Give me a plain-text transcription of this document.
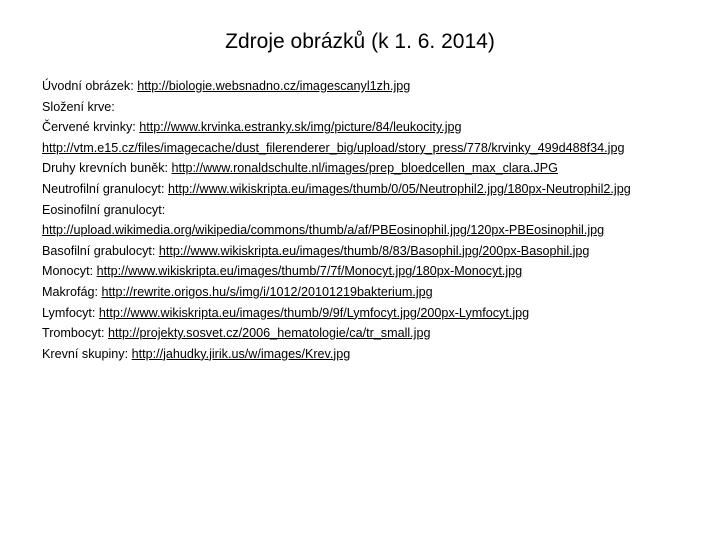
Zdroje obrázků (k 1. 6. 2014)
Úvodní obrázek: http://biologie.websnadno.cz/imagescanyl1zh.jpg
Složení krve:
Červené krvinky: http://www.krvinka.estranky.sk/img/picture/84/leukocity.jpg
http://vtm.e15.cz/files/imagecache/dust_filerenderer_big/upload/story_press/778/krvinky_499d488f34.jpg
Druhy krevních buněk: http://www.ronaldschulte.nl/images/prep_bloedcellen_max_clara.JPG
Neutrofilní granulocyt: http://www.wikiskripta.eu/images/thumb/0/05/Neutrophil2.jpg/180px-Neutrophil2.jpg
Eosinofilní granulocyt:
http://upload.wikimedia.org/wikipedia/commons/thumb/a/af/PBEosinophil.jpg/120px-PBEosinophil.jpg
Basofilní grabulocyt: http://www.wikiskripta.eu/images/thumb/8/83/Basophil.jpg/200px-Basophil.jpg
Monocyt: http://www.wikiskripta.eu/images/thumb/7/7f/Monocyt.jpg/180px-Monocyt.jpg
Makrofág: http://rewrite.origos.hu/s/img/i/1012/20101219bakterium.jpg
Lymfocyt: http://www.wikiskripta.eu/images/thumb/9/9f/Lymfocyt.jpg/200px-Lymfocyt.jpg
Trombocyt: http://projekty.sosvet.cz/2006_hematologie/ca/tr_small.jpg
Krevní skupiny: http://jahudky.jirik.us/w/images/Krev.jpg
